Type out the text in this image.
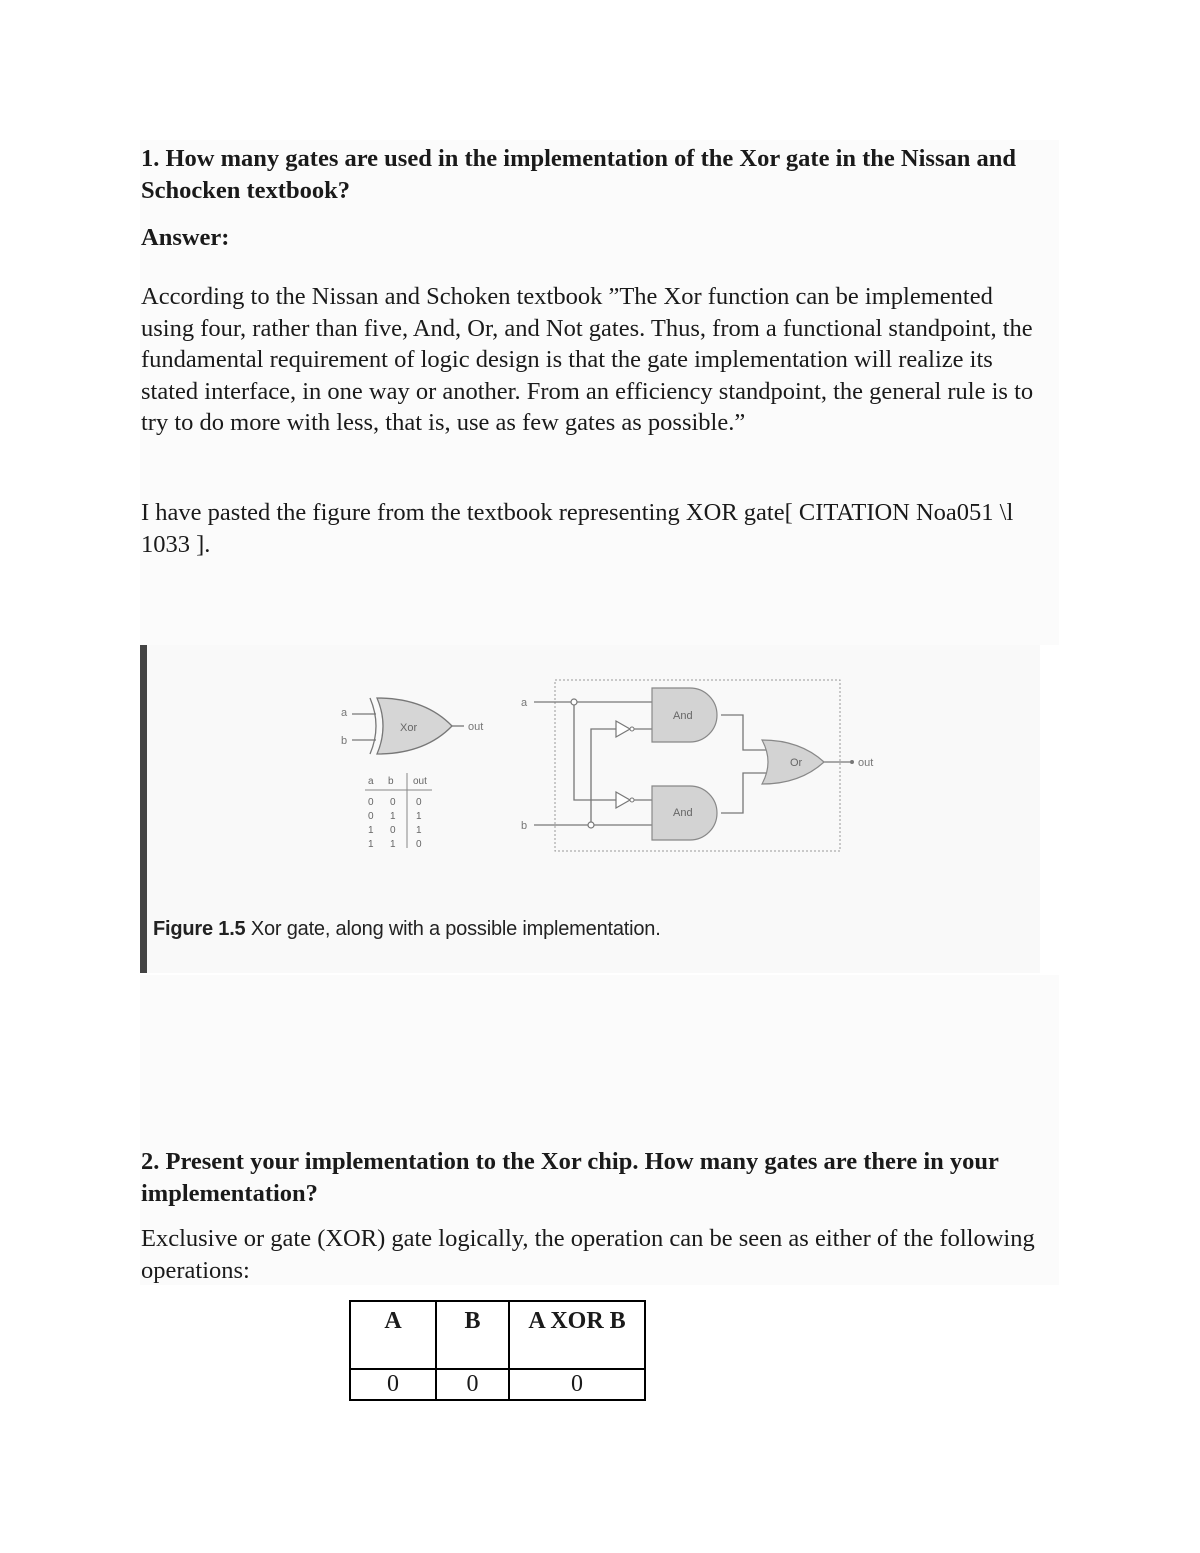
1. How many gates are used in the implementation of the Xor gate in the Nissan and Schocken textbook?

Answer:

According to the Nissan and Schoken textbook ”The Xor function can be implemented using four, rather than five, And, Or, and Not gates. Thus, from a functional standpoint, the fundamental requirement of logic design is that the gate implementation will realize its stated interface, in one way or another. From an efficiency standpoint, the general rule is to try to do more with less, that is, use as few gates as possible.”

I have pasted the figure from the textbook representing XOR gate[ CITATION Noa051 \l 1033 ].

a
b
Xor	out
a b out
0 0 0
0 1 1
1 0 1
1 1 0
a
b
And
And
Or	out
Figure 1.5 Xor gate, along with a possible implementation.

2. Present your implementation to the Xor chip. How many gates are there in your implementation?

Exclusive or gate (XOR) gate logically, the operation can be seen as either of the following operations:

A	B	A XOR B
0	0	0
